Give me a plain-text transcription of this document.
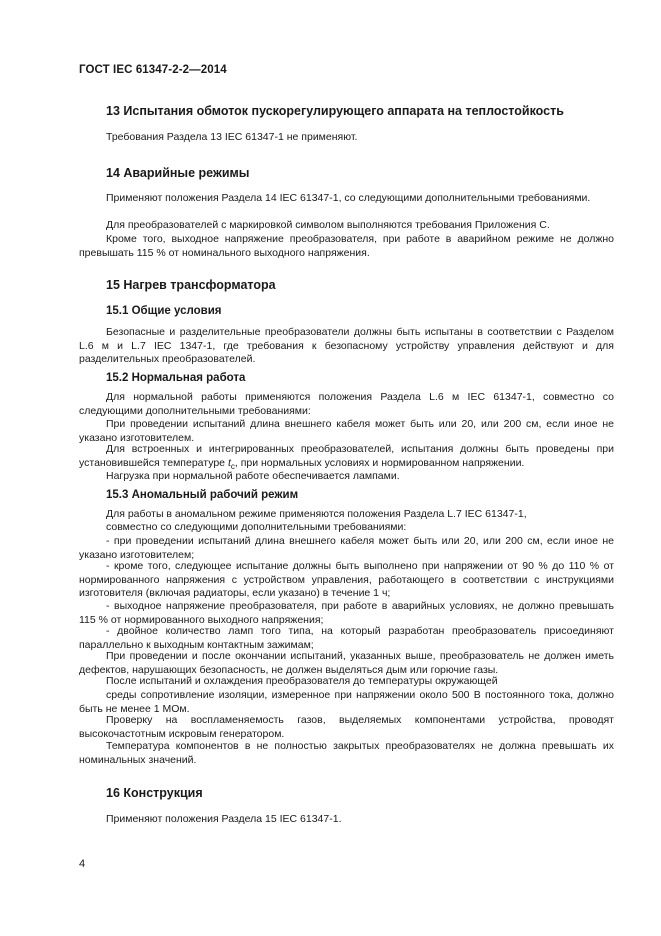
ГОСТ IEC 61347-2-2—2014
13 Испытания обмоток пускорегулирующего аппарата на теплостойкость
Требования Раздела 13 IEC 61347-1 не применяют.
14 Аварийные режимы
Применяют положения Раздела 14 IEC 61347-1, со следующими дополнительными требованиями.
Для преобразователей с маркировкой символом выполняются требования Приложения С.
Кроме того, выходное напряжение преобразователя, при работе в аварийном режиме не должно превышать 115 % от номинального выходного напряжения.
15 Нагрев трансформатора
15.1 Общие условия
Безопасные и разделительные преобразователи должны быть испытаны в соответствии с Разделом L.6 м и L.7 IEC 1347-1, где требования к безопасному устройству управления действуют и для разделительных преобразователей.
15.2 Нормальная работа
Для нормальной работы применяются положения Раздела L.6 м IEC 61347-1, совместно со следующими дополнительными требованиями:
При проведении испытаний длина внешнего кабеля может быть или 20, или 200 см, если иное не указано изготовителем.
Для встроенных и интегрированных преобразователей, испытания должны быть проведены при установившейся температуре $t_c$, при нормальных условиях и нормированном напряжении.
Нагрузка при нормальной работе обеспечивается лампами.
15.3 Аномальный рабочий режим
Для работы в аномальном режиме применяются положения Раздела L.7 IEC 61347-1,
совместно со следующими дополнительными требованиями:
- при проведении испытаний длина внешнего кабеля может быть или 20, или 200 см, если иное не указано изготовителем;
- кроме того, следующее испытание должны быть выполнено при напряжении от 90 % до 110 % от нормированного напряжения с устройством управления, работающего в соответствии с инструкциями изготовителя (включая радиаторы, если указано) в течение 1 ч;
- выходное напряжение преобразователя, при работе в аварийных условиях, не должно превышать 115 % от нормированного выходного напряжения;
- двойное количество ламп того типа, на который разработан преобразователь присоединяют параллельно к выходным контактным зажимам;
При проведении и после окончании испытаний, указанных выше, преобразователь не должен иметь дефектов, нарушающих безопасность, не должен выделяться дым или горючие газы.
После испытаний и охлаждения преобразователя до температуры окружающей
среды сопротивление изоляции, измеренное при напряжении около 500 В постоянного тока, должно быть не менее 1 МОм.
Проверку на воспламеняемость газов, выделяемых компонентами устройства, проводят высокочастотным искровым генератором.
Температура компонентов в не полностью закрытых преобразователях не должна превышать их номинальных значений.
16 Конструкция
Применяют положения Раздела 15 IEC 61347-1.
4
